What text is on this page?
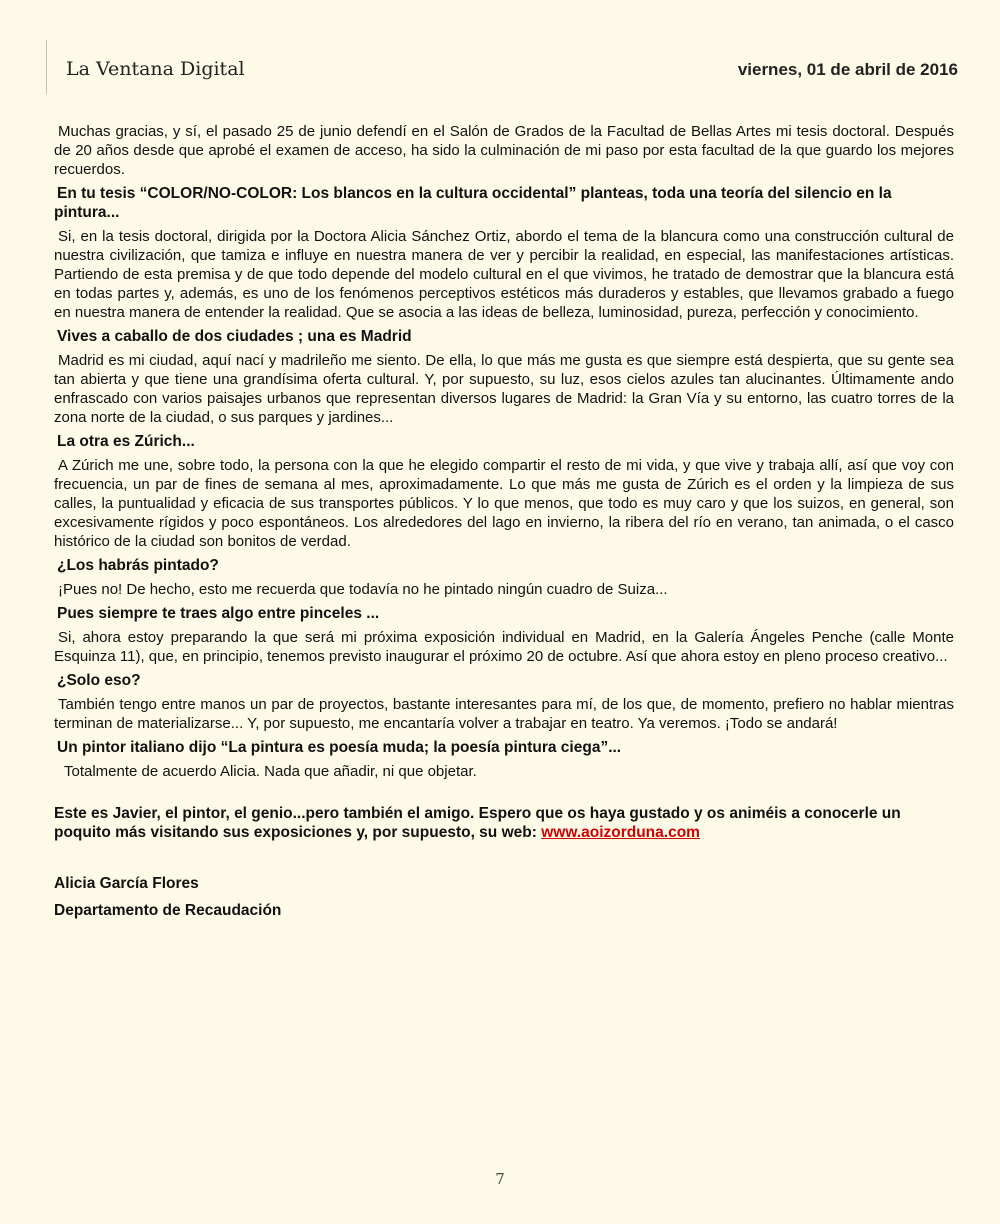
La Ventana Digital	viernes, 01 de abril de 2016

Muchas gracias, y sí, el pasado 25 de junio defendí en el Salón de Grados de la Facultad de Bellas Artes mi tesis doctoral. Después de 20 años desde que aprobé el examen de acceso, ha sido la culminación de mi paso por esta facultad de la que guardo los mejores recuerdos.

En tu tesis “COLOR/NO-COLOR: Los blancos en la cultura occidental” planteas, toda una teoría del silencio en la pintura...

Si, en la tesis doctoral, dirigida por la Doctora Alicia Sánchez Ortiz, abordo el tema de la blancura como una construcción cultural de nuestra civilización, que tamiza e influye en nuestra manera de ver y percibir la realidad, en especial, las manifestaciones artísticas. Partiendo de esta premisa y de que todo depende del modelo cultural en el que vivimos, he tratado de demostrar que la blancura está en todas partes y, además, es uno de los fenómenos perceptivos estéticos más duraderos y estables, que llevamos grabado a fuego en nuestra manera de entender la realidad. Que se asocia a las ideas de belleza, luminosidad, pureza, perfección y conocimiento.

Vives a caballo de dos ciudades ; una es Madrid

Madrid es mi ciudad, aquí nací y madrileño me siento. De ella, lo que más me gusta es que siempre está despierta, que su gente sea tan abierta y que tiene una grandísima oferta cultural. Y, por supuesto, su luz, esos cielos azules tan alucinantes. Últimamente ando enfrascado con varios paisajes urbanos que representan diversos lugares de Madrid: la Gran Vía y su entorno, las cuatro torres de la zona norte de la ciudad, o sus parques y jardines...

La otra es Zúrich...

A Zúrich me une, sobre todo, la persona con la que he elegido compartir el resto de mi vida, y que vive y trabaja allí, así que voy con frecuencia, un par de fines de semana al mes, aproximadamente. Lo que más me gusta de Zúrich es el orden y la limpieza de sus calles, la puntualidad y eficacia de sus transportes públicos. Y lo que menos, que todo es muy caro y que los suizos, en general, son excesivamente rígidos y poco espontáneos. Los alrededores del lago en invierno, la ribera del río en verano, tan animada, o el casco histórico de la ciudad son bonitos de verdad.

¿Los habrás pintado?

¡Pues no! De hecho, esto me recuerda que todavía no he pintado ningún cuadro de Suiza...

Pues siempre te traes algo entre pinceles ...

Si, ahora estoy preparando la que será mi próxima exposición individual en Madrid, en la Galería Ángeles Penche (calle Monte Esquinza 11), que, en principio, tenemos previsto inaugurar el próximo 20 de octubre. Así que ahora estoy en pleno proceso creativo...

¿Solo eso?

También tengo entre manos un par de proyectos, bastante interesantes para mí, de los que, de momento, prefiero no hablar mientras terminan de materializarse... Y, por supuesto, me encantaría volver a trabajar en teatro. Ya veremos. ¡Todo se andará!

Un pintor italiano dijo “La pintura es poesía muda; la poesía pintura ciega”...

Totalmente de acuerdo Alicia. Nada que añadir, ni que objetar.

Este es Javier, el pintor, el genio...pero también el amigo. Espero que os haya gustado y os animéis a conocerle un poquito más visitando sus exposiciones y, por supuesto, su web: www.aoizorduna.com

Alicia García Flores

Departamento de Recaudación

7
